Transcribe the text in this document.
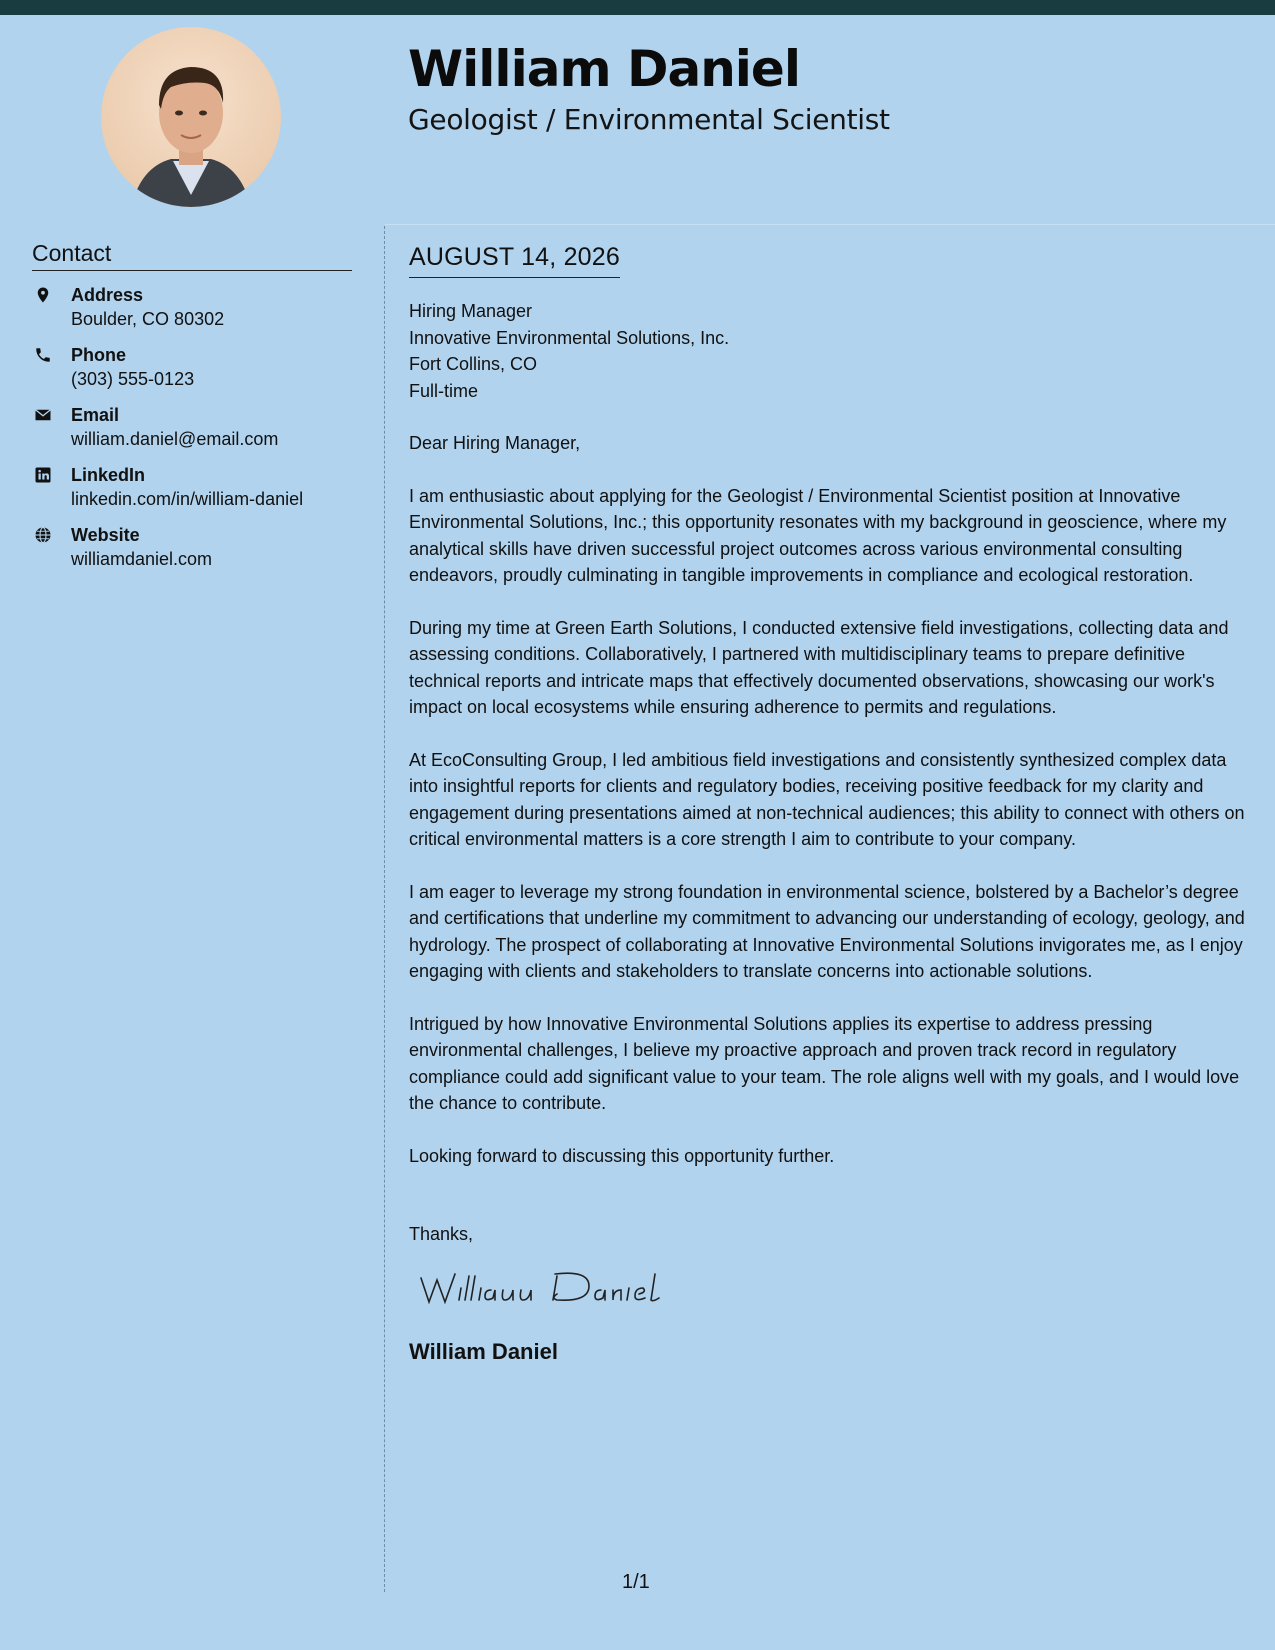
William Daniel
Geologist / Environmental Scientist
Contact
Address
Boulder, CO 80302
Phone
(303) 555-0123
Email
william.daniel@email.com
LinkedIn
linkedin.com/in/william-daniel
Website
williamdaniel.com
AUGUST 14, 2026
Hiring Manager
Innovative Environmental Solutions, Inc.
Fort Collins, CO
Full-time
Dear Hiring Manager,
I am enthusiastic about applying for the Geologist / Environmental Scientist position at Innovative Environmental Solutions, Inc.; this opportunity resonates with my background in geoscience, where my analytical skills have driven successful project outcomes across various environmental consulting endeavors, proudly culminating in tangible improvements in compliance and ecological restoration.
During my time at Green Earth Solutions, I conducted extensive field investigations, collecting data and assessing conditions. Collaboratively, I partnered with multidisciplinary teams to prepare definitive technical reports and intricate maps that effectively documented observations, showcasing our work's impact on local ecosystems while ensuring adherence to permits and regulations.
At EcoConsulting Group, I led ambitious field investigations and consistently synthesized complex data into insightful reports for clients and regulatory bodies, receiving positive feedback for my clarity and engagement during presentations aimed at non-technical audiences; this ability to connect with others on critical environmental matters is a core strength I aim to contribute to your company.
I am eager to leverage my strong foundation in environmental science, bolstered by a Bachelor’s degree and certifications that underline my commitment to advancing our understanding of ecology, geology, and hydrology. The prospect of collaborating at Innovative Environmental Solutions invigorates me, as I enjoy engaging with clients and stakeholders to translate concerns into actionable solutions.
Intrigued by how Innovative Environmental Solutions applies its expertise to address pressing environmental challenges, I believe my proactive approach and proven track record in regulatory compliance could add significant value to your team. The role aligns well with my goals, and I would love the chance to contribute.
Looking forward to discussing this opportunity further.
Thanks,
William Daniel
1/1
